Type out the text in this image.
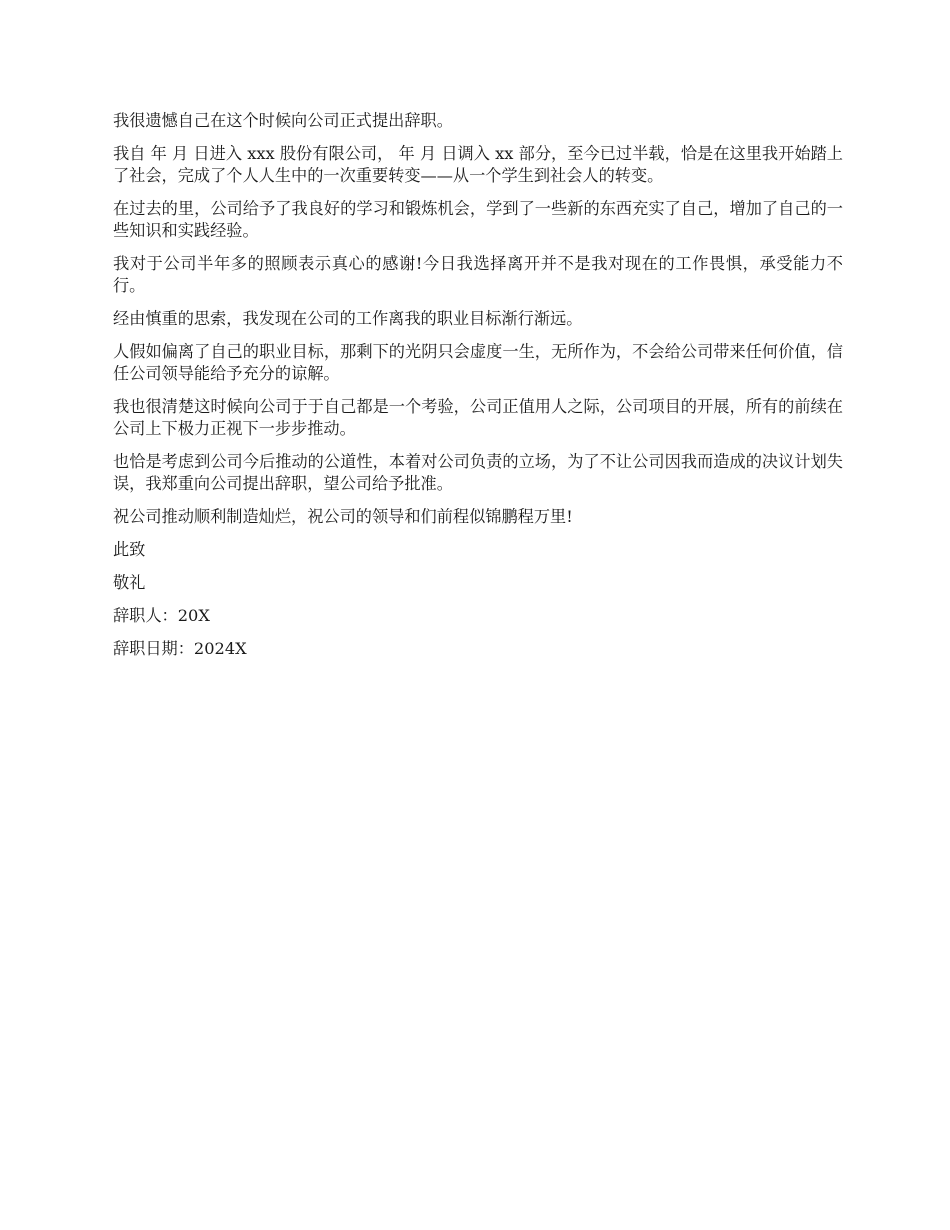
我很遗憾自己在这个时候向公司正式提出辞职。

我自 年 月 日进入 xxx 股份有限公司， 年 月 日调入 xx 部分，至今已过半载，恰是在这里我开始踏上了社会，完成了个人人生中的一次重要转变——从一个学生到社会人的转变。

在过去的里，公司给予了我良好的学习和锻炼机会，学到了一些新的东西充实了自己，增加了自己的一些知识和实践经验。

我对于公司半年多的照顾表示真心的感谢!今日我选择离开并不是我对现在的工作畏惧，承受能力不行。

经由慎重的思索，我发现在公司的工作离我的职业目标渐行渐远。

人假如偏离了自己的职业目标，那剩下的光阴只会虚度一生，无所作为，不会给公司带来任何价值，信任公司领导能给予充分的谅解。

我也很清楚这时候向公司于于自己都是一个考验，公司正值用人之际，公司项目的开展，所有的前续在公司上下极力正视下一步步推动。

也恰是考虑到公司今后推动的公道性，本着对公司负责的立场，为了不让公司因我而造成的决议计划失误，我郑重向公司提出辞职，望公司给予批准。

祝公司推动顺利制造灿烂，祝公司的领导和们前程似锦鹏程万里!

此致

敬礼

辞职人：20X

辞职日期：2024X
